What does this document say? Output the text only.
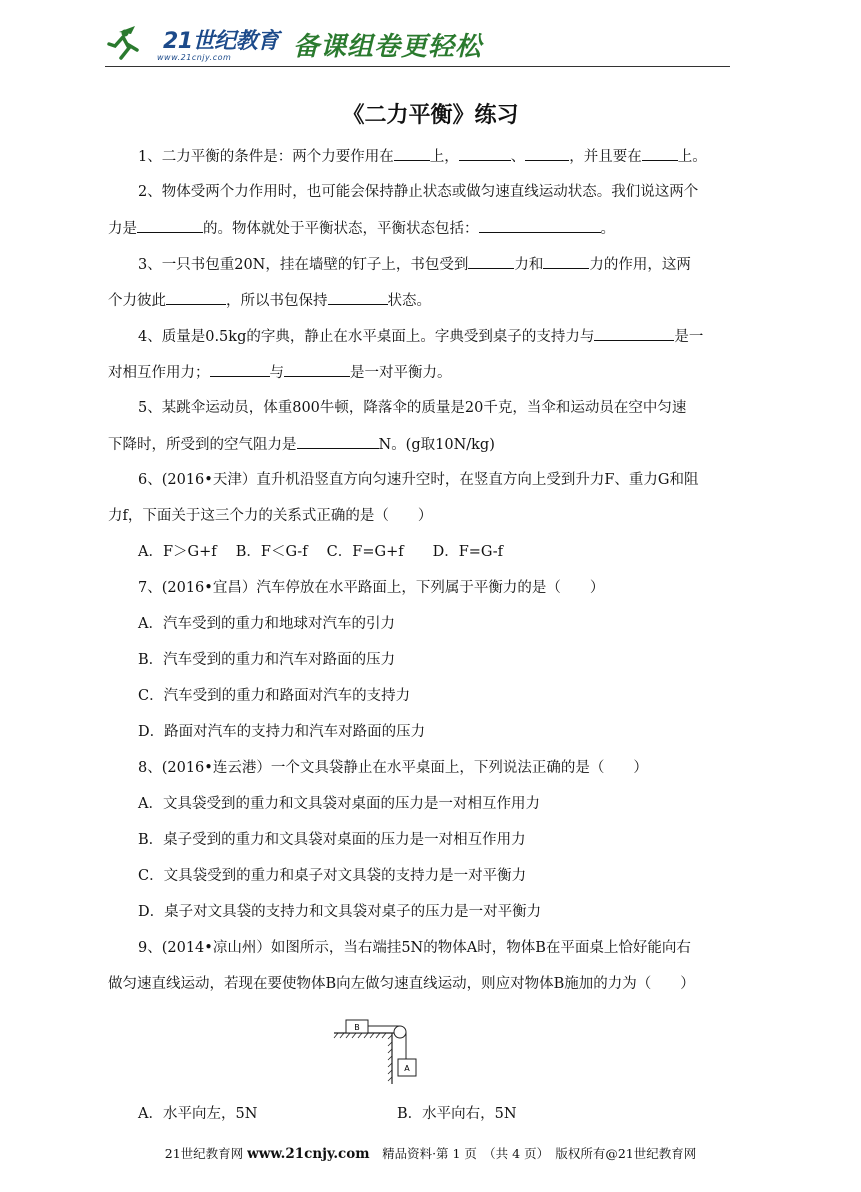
21世纪教育
www.21cnjy.com 备课组卷更轻松
《二力平衡》练习
1、二力平衡的条件是：两个力要作用在 上，	、	，并且要在 上。
2、物体受两个力作用时，也可能会保持静止状态或做匀速直线运动状态。我们说这两个
力是	的。物体就处于平衡状态，平衡状态包括：	。
3、一只书包重20N，挂在墙壁的钉子上，书包受到	力和	力的作用，这两
个力彼此	，所以书包保持	状态。
4、质量是0.5kg的字典，静止在水平桌面上。字典受到桌子的支持力与	是一
对相互作用力；	与	是一对平衡力。
5、某跳伞运动员，体重800牛顿，降落伞的质量是20千克，当伞和运动员在空中匀速
下降时，所受到的空气阻力是	N。(g取10N/kg)
6、(2016•天津）直升机沿竖直方向匀速升空时，在竖直方向上受到升力F、重力G和阻
力f，下面关于这三个力的关系式正确的是（　　）
A．F＞G+f　 B．F＜G-f　 C．F=G+f　　D．F=G-f
7、(2016•宜昌）汽车停放在水平路面上，下列属于平衡力的是（　　）
A．汽车受到的重力和地球对汽车的引力
B．汽车受到的重力和汽车对路面的压力
C．汽车受到的重力和路面对汽车的支持力
D．路面对汽车的支持力和汽车对路面的压力
8、(2016•连云港）一个文具袋静止在水平桌面上，下列说法正确的是（　　）
A．文具袋受到的重力和文具袋对桌面的压力是一对相互作用力
B．桌子受到的重力和文具袋对桌面的压力是一对相互作用力
C．文具袋受到的重力和桌子对文具袋的支持力是一对平衡力
D．桌子对文具袋的支持力和文具袋对桌子的压力是一对平衡力
9、(2014•凉山州）如图所示，当右端挂5N的物体A时，物体B在平面桌上恰好能向右
做匀速直线运动，若现在要使物体B向左做匀速直线运动，则应对物体B施加的力为（　　）
B
A
A．水平向左，5N	B．水平向右，5N
21世纪教育网 www.21cnjy.com　精品资料·第 1 页　（共 4 页）　版权所有@21世纪教育网
